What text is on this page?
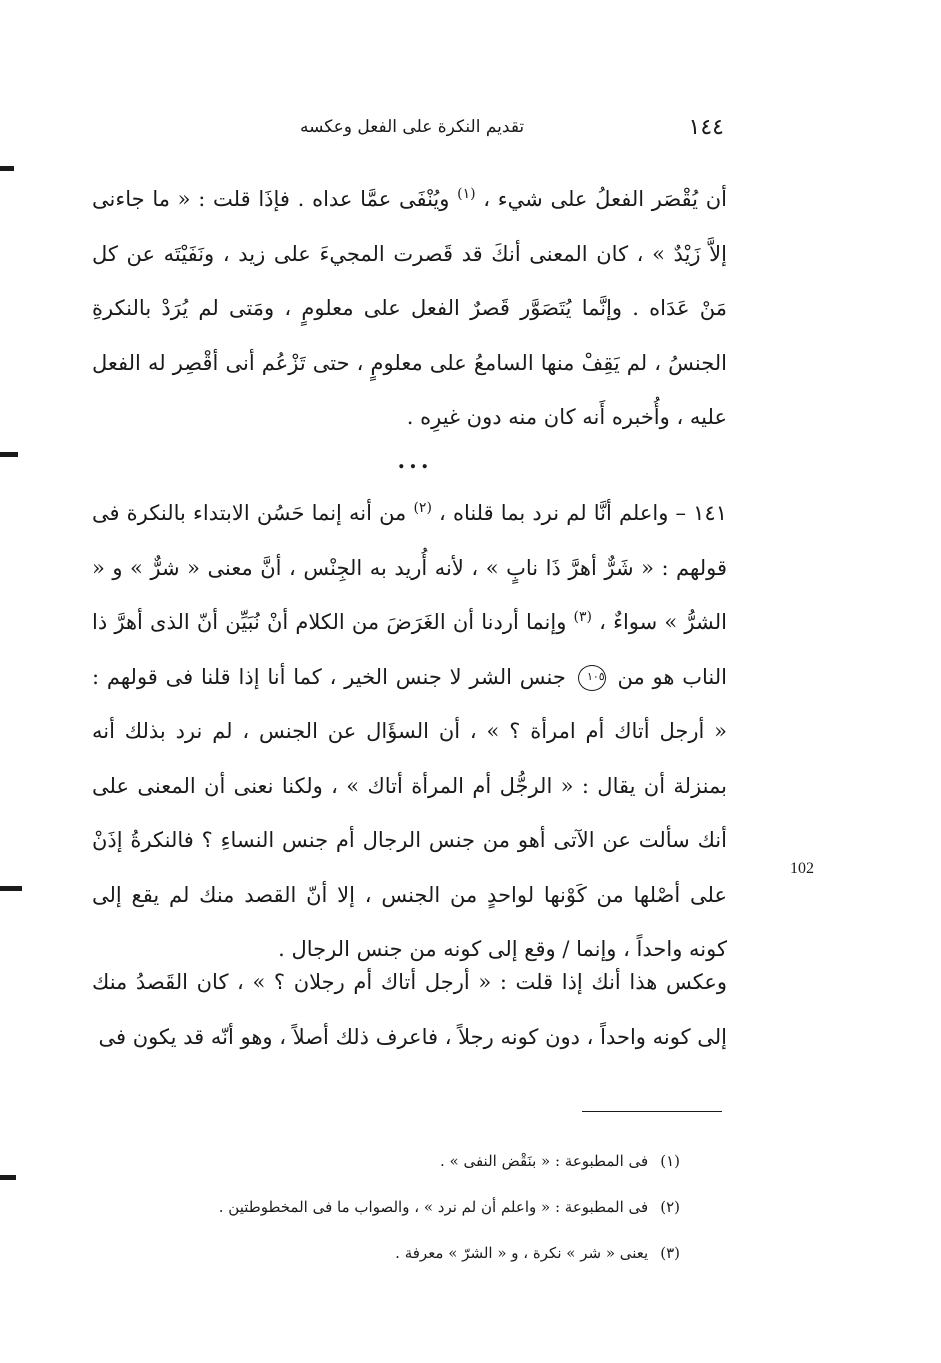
١٤٤
تقديم النكرة على الفعل وعكسه

أن يُقْصَر الفعلُ على شيء ، $^{(١)}$ ويُنْفَى عمَّا عداه . فإذَا قلت : « ما جاءنى إلاَّ زَيْدٌ » ، كان المعنى أنكَ قد قَصرت المجيءَ على زيد ، ونَفَيْتَه عن كل مَنْ عَدَاه . وإنَّما يُتَصَوَّر قَصرٌ الفعل على معلومٍ ، ومَتى لم يُرَدْ بالنكرةِ الجنسُ ، لم يَقِفْ منها السامعُ على معلومٍ ، حتى تَزْعُم أنى أقْصِر له الفعل عليه ، وأُخبره أَنه كان منه دون غيرِه .

...

١٤١ – واعلم أنَّا لم نرد بما قلناه ، $^{(٢)}$ من أنه إنما حَسُن الابتداء بالنكرة فى قولهم : « شَرٌّ أهرَّ ذَا نابٍ » ، لأنه أُريد به الجِنْس ، أنَّ معنى « شرٌّ » و « الشرُّ » سواءٌ ، $^{(٣)}$ وإنما أردنا أن الغَرَضَ من الكلام أنْ نُبَيِّن أنّ الذى أهرَّ ذا الناب هو من ١٠٥ جنس الشر لا جنس الخير ، كما أنا إذا قلنا فى قولهم : « أرجل أتاك أم امرأة ؟ » ، أن السؤَال عن الجنس ، لم نرد بذلك أنه بمنزلة أن يقال : « الرجُّل أم المرأة أتاك » ، ولكنا نعنى أن المعنى على أنك سألت عن الآتى أهو من جنس الرجال أم جنس النساءِ ؟ فالنكرةُ إذَنْ على أصْلها من كَوْنها لواحدٍ من الجنس ، إلا أنّ القصد منك لم يقع إلى كونه واحداً ، وإنما / وقع إلى كونه من جنس الرجال .

102

وعكس هذا أنك إذا قلت : « أرجل أتاك أم رجلان ؟ » ، كان القَصدُ منك إلى كونه واحداً ، دون كونه رجلاً ، فاعرف ذلك أصلاً ، وهو أنّه قد يكون فى

(١)فى المطبوعة : « بنَقْض النفى » .

(٢)فى المطبوعة : « واعلم أن لم نرد » ، والصواب ما فى المخطوطتين .

(٣)يعنى « شر » نكرة ، و « الشرّ » معرفة .
